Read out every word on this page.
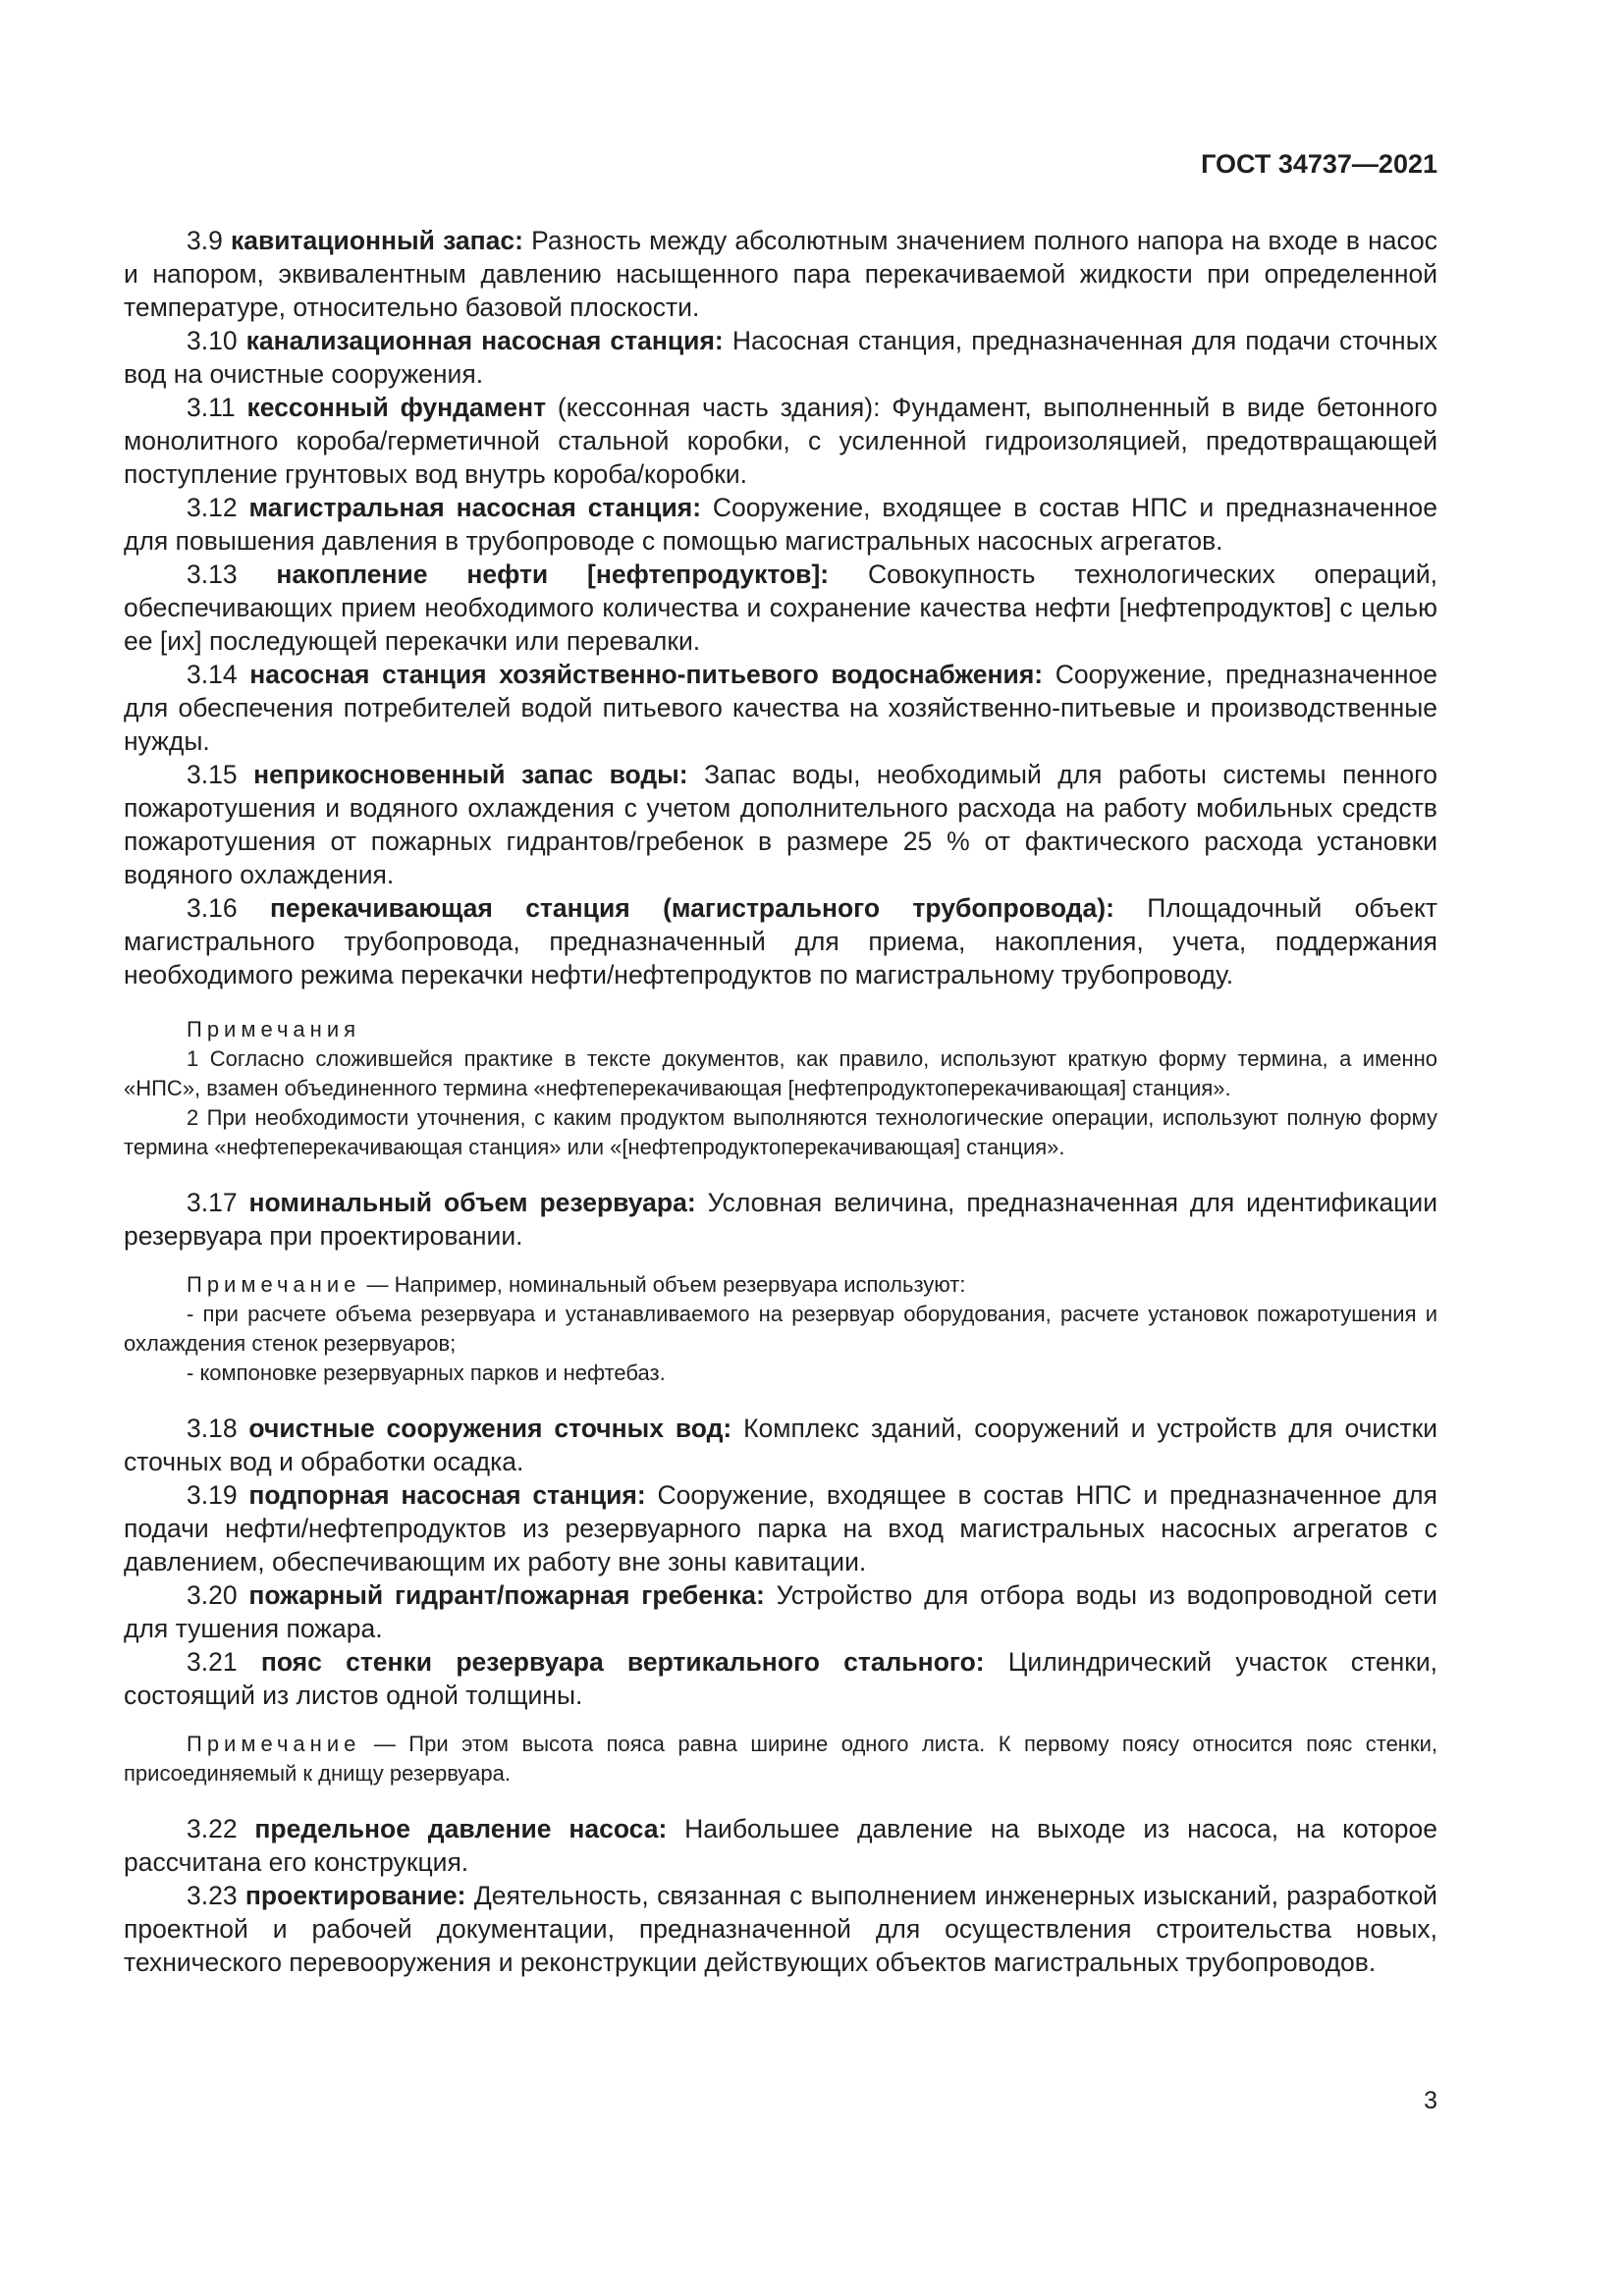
ГОСТ 34737—2021

3.9 кавитационный запас: Разность между абсолютным значением полного напора на входе в насос и напором, эквивалентным давлению насыщенного пара перекачиваемой жидкости при определенной температуре, относительно базовой плоскости.

3.10 канализационная насосная станция: Насосная станция, предназначенная для подачи сточных вод на очистные сооружения.

3.11 кессонный фундамент (кессонная часть здания): Фундамент, выполненный в виде бетонного монолитного короба/герметичной стальной коробки, с усиленной гидроизоляцией, предотвращающей поступление грунтовых вод внутрь короба/коробки.

3.12 магистральная насосная станция: Сооружение, входящее в состав НПС и предназначенное для повышения давления в трубопроводе с помощью магистральных насосных агрегатов.

3.13 накопление нефти [нефтепродуктов]: Совокупность технологических операций, обеспечивающих прием необходимого количества и сохранение качества нефти [нефтепродуктов] с целью ее [их] последующей перекачки или перевалки.

3.14 насосная станция хозяйственно-питьевого водоснабжения: Сооружение, предназначенное для обеспечения потребителей водой питьевого качества на хозяйственно-питьевые и производственные нужды.

3.15 неприкосновенный запас воды: Запас воды, необходимый для работы системы пенного пожаротушения и водяного охлаждения с учетом дополнительного расхода на работу мобильных средств пожаротушения от пожарных гидрантов/гребенок в размере 25 % от фактического расхода установки водяного охлаждения.

3.16 перекачивающая станция (магистрального трубопровода): Площадочный объект магистрального трубопровода, предназначенный для приема, накопления, учета, поддержания необходимого режима перекачки нефти/нефтепродуктов по магистральному трубопроводу.

Примечания

1 Согласно сложившейся практике в тексте документов, как правило, используют краткую форму термина, а именно «НПС», взамен объединенного термина «нефтеперекачивающая [нефтепродуктоперекачивающая] станция».

2 При необходимости уточнения, с каким продуктом выполняются технологические операции, используют полную форму термина «нефтеперекачивающая станция» или «[нефтепродуктоперекачивающая] станция».

3.17 номинальный объем резервуара: Условная величина, предназначенная для идентификации резервуара при проектировании.

Примечание — Например, номинальный объем резервуара используют:

- при расчете объема резервуара и устанавливаемого на резервуар оборудования, расчете установок пожаротушения и охлаждения стенок резервуаров;

- компоновке резервуарных парков и нефтебаз.

3.18 очистные сооружения сточных вод: Комплекс зданий, сооружений и устройств для очистки сточных вод и обработки осадка.

3.19 подпорная насосная станция: Сооружение, входящее в состав НПС и предназначенное для подачи нефти/нефтепродуктов из резервуарного парка на вход магистральных насосных агрегатов с давлением, обеспечивающим их работу вне зоны кавитации.

3.20 пожарный гидрант/пожарная гребенка: Устройство для отбора воды из водопроводной сети для тушения пожара.

3.21 пояс стенки резервуара вертикального стального: Цилиндрический участок стенки, состоящий из листов одной толщины.

Примечание — При этом высота пояса равна ширине одного листа. К первому поясу относится пояс стенки, присоединяемый к днищу резервуара.

3.22 предельное давление насоса: Наибольшее давление на выходе из насоса, на которое рассчитана его конструкция.

3.23 проектирование: Деятельность, связанная с выполнением инженерных изысканий, разработкой проектной и рабочей документации, предназначенной для осуществления строительства новых, технического перевооружения и реконструкции действующих объектов магистральных трубопроводов.

3
